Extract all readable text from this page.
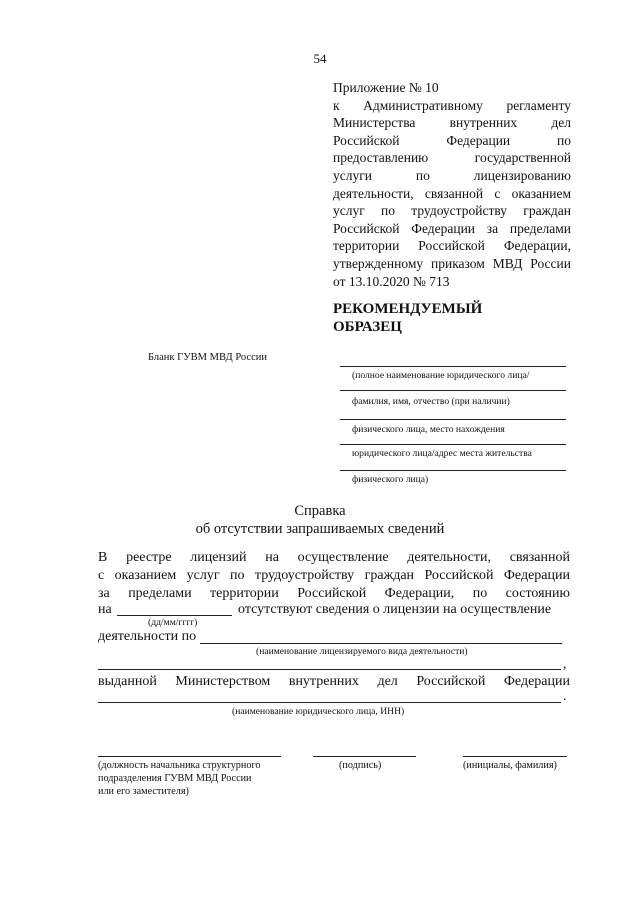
54
Приложение № 10
к Административному регламенту
Министерства внутренних дел
Российской Федерации по
предоставлению государственной
услуги по лицензированию
деятельности, связанной с оказанием
услуг по трудоустройству граждан
Российской Федерации за пределами
территории Российской Федерации,
утвержденному приказом МВД России
от 13.10.2020 № 713
РЕКОМЕНДУЕМЫЙ
ОБРАЗЕЦ
Бланк ГУВМ МВД России
(полное наименование юридического лица/
фамилия, имя, отчество (при наличии)
физического лица, место нахождения
юридического лица/адрес места жительства
физического лица)
Справка
об отсутствии запрашиваемых сведений
В реестре лицензий на осуществление деятельности, связанной
с оказанием услуг по трудоустройству граждан Российской Федерации
за пределами территории Российской Федерации, по состоянию
на	отсутствуют сведения о лицензии на осуществление
(дд/мм/гггг)
деятельности по
(наименование лицензируемого вида деятельности)
,
выданной Министерством внутренних дел Российской Федерации
.
(наименование юридического лица, ИНН)
(должность начальника структурного
подразделения ГУВМ МВД России
или его заместителя)
(подпись)	(инициалы, фамилия)
